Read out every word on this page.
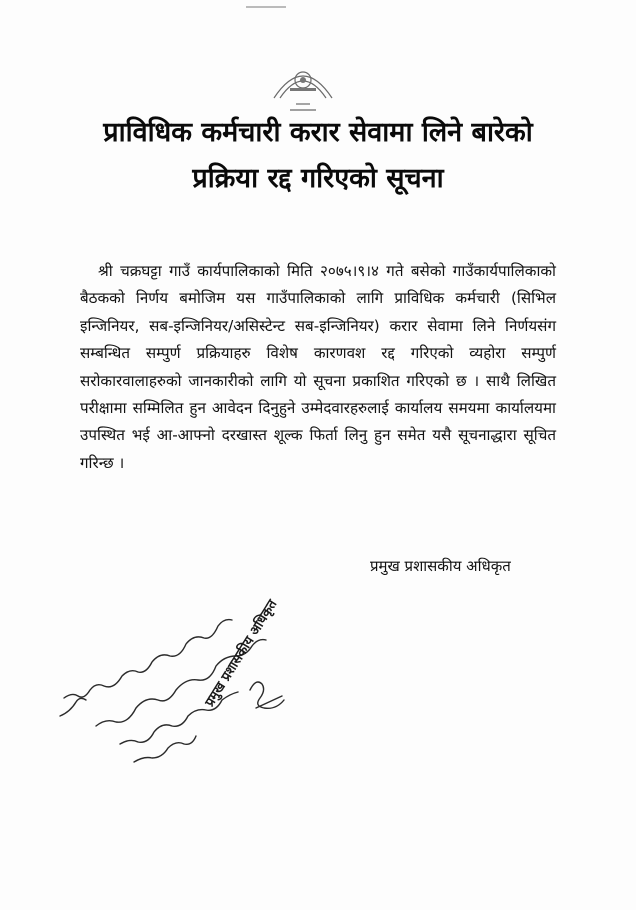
प्राविधिक कर्मचारी करार सेवामा लिने बारेको
प्रक्रिया रद्द गरिएको सूचना

श्री चक्रघट्टा गाउँ कार्यपालिकाको मिति २०७५।९।४ गते बसेको गाउँकार्यपालिकाको बैठकको निर्णय बमोजिम यस गाउँपालिकाको लागि प्राविधिक कर्मचारी (सिभिल इन्जिनियर, सब-इन्जिनियर/असिस्टेन्ट सब-इन्जिनियर) करार सेवामा लिने निर्णयसंग सम्बन्धित सम्पुर्ण प्रक्रियाहरु विशेष कारणवश रद्द गरिएको व्यहोरा सम्पुर्ण सरोकारवालाहरुको जानकारीको लागि यो सूचना प्रकाशित गरिएको छ । साथै लिखित परीक्षामा सम्मिलित हुन आवेदन दिनुहुने उम्मेदवारहरुलाई कार्यालय समयमा कार्यालयमा उपस्थित भई आ-आफ्नो दरखास्त शूल्क फिर्ता लिनु हुन समेत यसै सूचनाद्धारा सूचित गरिन्छ ।

प्रमुख प्रशासकीय अधिकृत
प्रमुख प्रशासकीय अधिकृत
